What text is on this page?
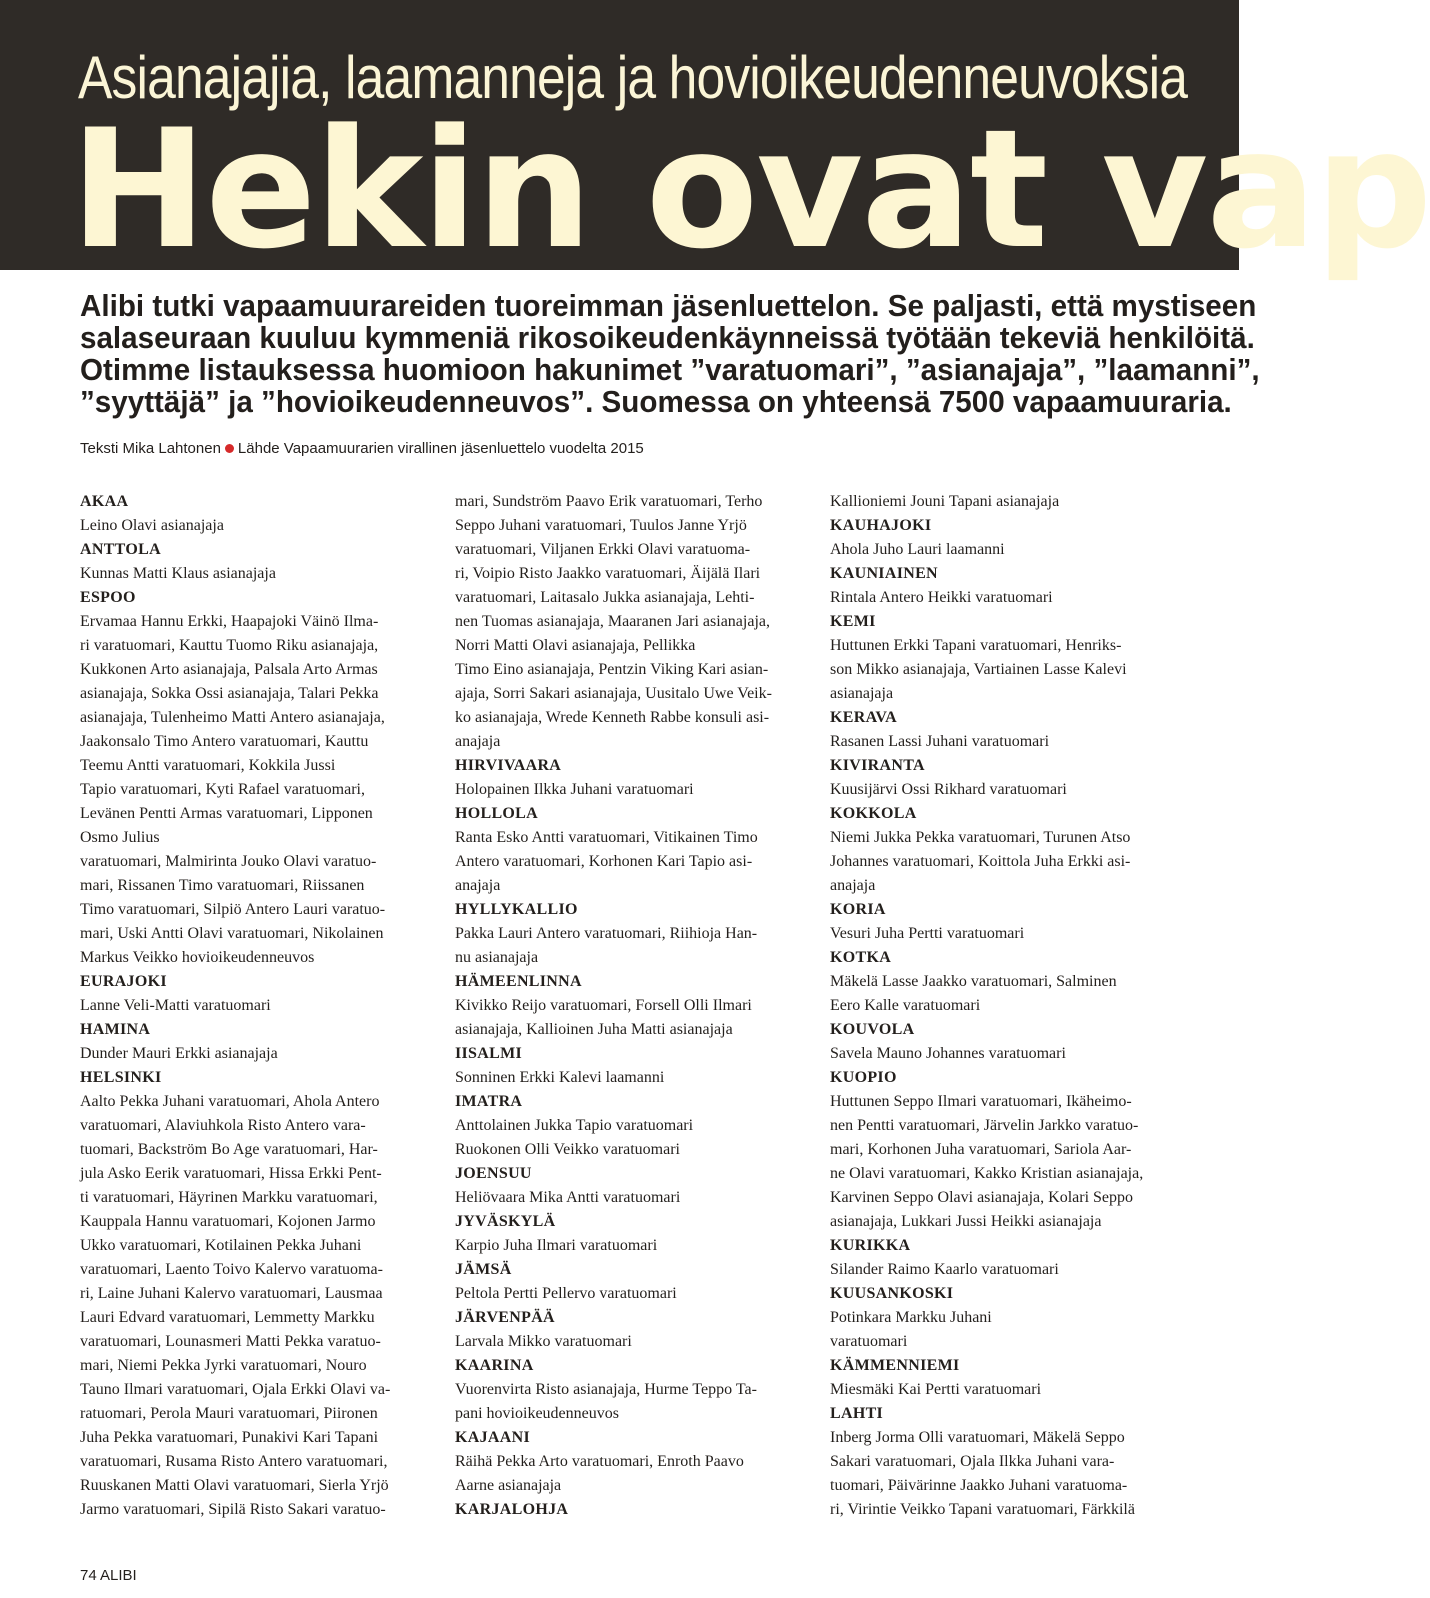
Asianajajia, laamanneja ja hovioikeudenneuvoksia
Hekin ovat vap

Alibi tutki vapaamuurareiden tuoreimman jäsenluettelon. Se paljasti, että mystiseen
salaseuraan kuuluu kymmeniä rikosoikeudenkäynneissä työtään tekeviä henkilöitä.
Otimme listauksessa huomioon hakunimet ”varatuomari”, ”asianajaja”, ”laamanni”,
”syyttäjä” ja ”hovioikeudenneuvos”. Suomessa on yhteensä 7500 vapaamuuraria.

Teksti Mika Lahtonen Lähde Vapaamuurarien virallinen jäsenluettelo vuodelta 2015
AKAA
Leino Olavi asianajaja
ANTTOLA
Kunnas Matti Klaus asianajaja
ESPOO
Ervamaa Hannu Erkki, Haapajoki Väinö Ilma-
ri varatuomari, Kauttu Tuomo Riku asianajaja,
Kukkonen Arto asianajaja, Palsala Arto Armas
asianajaja, Sokka Ossi asianajaja, Talari Pekka
asianajaja, Tulenheimo Matti Antero asianajaja,
Jaakonsalo Timo Antero varatuomari, Kauttu
Teemu Antti varatuomari, Kokkila Jussi
Tapio varatuomari, Kyti Rafael varatuomari,
Levänen Pentti Armas varatuomari, Lipponen
Osmo Julius
varatuomari, Malmirinta Jouko Olavi varatuo-
mari, Rissanen Timo varatuomari, Riissanen
Timo varatuomari, Silpiö Antero Lauri varatuo-
mari, Uski Antti Olavi varatuomari, Nikolainen
Markus Veikko hovioikeudenneuvos
EURAJOKI
Lanne Veli-Matti varatuomari
HAMINA
Dunder Mauri Erkki asianajaja
HELSINKI
Aalto Pekka Juhani varatuomari, Ahola Antero
varatuomari, Alaviuhkola Risto Antero vara-
tuomari, Backström Bo Age varatuomari, Har-
jula Asko Eerik varatuomari, Hissa Erkki Pent-
ti varatuomari, Häyrinen Markku varatuomari,
Kauppala Hannu varatuomari, Kojonen Jarmo
Ukko varatuomari, Kotilainen Pekka Juhani
varatuomari, Laento Toivo Kalervo varatuoma-
ri, Laine Juhani Kalervo varatuomari, Lausmaa
Lauri Edvard varatuomari, Lemmetty Markku
varatuomari, Lounasmeri Matti Pekka varatuo-
mari, Niemi Pekka Jyrki varatuomari, Nouro
Tauno Ilmari varatuomari, Ojala Erkki Olavi va-
ratuomari, Perola Mauri varatuomari, Piironen
Juha Pekka varatuomari, Punakivi Kari Tapani
varatuomari, Rusama Risto Antero varatuomari,
Ruuskanen Matti Olavi varatuomari, Sierla Yrjö
Jarmo varatuomari, Sipilä Risto Sakari varatuo-
mari, Sundström Paavo Erik varatuomari, Terho
Seppo Juhani varatuomari, Tuulos Janne Yrjö
varatuomari, Viljanen Erkki Olavi varatuoma-
ri, Voipio Risto Jaakko varatuomari, Äijälä Ilari
varatuomari, Laitasalo Jukka asianajaja, Lehti-
nen Tuomas asianajaja, Maaranen Jari asianajaja,
Norri Matti Olavi asianajaja, Pellikka
Timo Eino asianajaja, Pentzin Viking Kari asian-
ajaja, Sorri Sakari asianajaja, Uusitalo Uwe Veik-
ko asianajaja, Wrede Kenneth Rabbe konsuli asi-
anajaja
HIRVIVAARA
Holopainen Ilkka Juhani varatuomari
HOLLOLA
Ranta Esko Antti varatuomari, Vitikainen Timo
Antero varatuomari, Korhonen Kari Tapio asi-
anajaja
HYLLYKALLIO
Pakka Lauri Antero varatuomari, Riihioja Han-
nu asianajaja
HÄMEENLINNA
Kivikko Reijo varatuomari, Forsell Olli Ilmari
asianajaja, Kallioinen Juha Matti asianajaja
IISALMI
Sonninen Erkki Kalevi laamanni
IMATRA
Anttolainen Jukka Tapio varatuomari
Ruokonen Olli Veikko varatuomari
JOENSUU
Heliövaara Mika Antti varatuomari
JYVÄSKYLÄ
Karpio Juha Ilmari varatuomari
JÄMSÄ
Peltola Pertti Pellervo varatuomari
JÄRVENPÄÄ
Larvala Mikko varatuomari
KAARINA
Vuorenvirta Risto asianajaja, Hurme Teppo Ta-
pani hovioikeudenneuvos
KAJAANI
Räihä Pekka Arto varatuomari, Enroth Paavo
Aarne asianajaja
KARJALOHJA
Kallioniemi Jouni Tapani asianajaja
KAUHAJOKI
Ahola Juho Lauri laamanni
KAUNIAINEN
Rintala Antero Heikki varatuomari
KEMI
Huttunen Erkki Tapani varatuomari, Henriks-
son Mikko asianajaja, Vartiainen Lasse Kalevi
asianajaja
KERAVA
Rasanen Lassi Juhani varatuomari
KIVIRANTA
Kuusijärvi Ossi Rikhard varatuomari
KOKKOLA
Niemi Jukka Pekka varatuomari, Turunen Atso
Johannes varatuomari, Koittola Juha Erkki asi-
anajaja
KORIA
Vesuri Juha Pertti varatuomari
KOTKA
Mäkelä Lasse Jaakko varatuomari, Salminen
Eero Kalle varatuomari
KOUVOLA
Savela Mauno Johannes varatuomari
KUOPIO
Huttunen Seppo Ilmari varatuomari, Ikäheimo-
nen Pentti varatuomari, Järvelin Jarkko varatuo-
mari, Korhonen Juha varatuomari, Sariola Aar-
ne Olavi varatuomari, Kakko Kristian asianajaja,
Karvinen Seppo Olavi asianajaja, Kolari Seppo
asianajaja, Lukkari Jussi Heikki asianajaja
KURIKKA
Silander Raimo Kaarlo varatuomari
KUUSANKOSKI
Potinkara Markku Juhani
varatuomari
KÄMMENNIEMI
Miesmäki Kai Pertti varatuomari
LAHTI
Inberg Jorma Olli varatuomari, Mäkelä Seppo
Sakari varatuomari, Ojala Ilkka Juhani vara-
tuomari, Päivärinne Jaakko Juhani varatuoma-
ri, Virintie Veikko Tapani varatuomari, Färkkilä
74 ALIBI
